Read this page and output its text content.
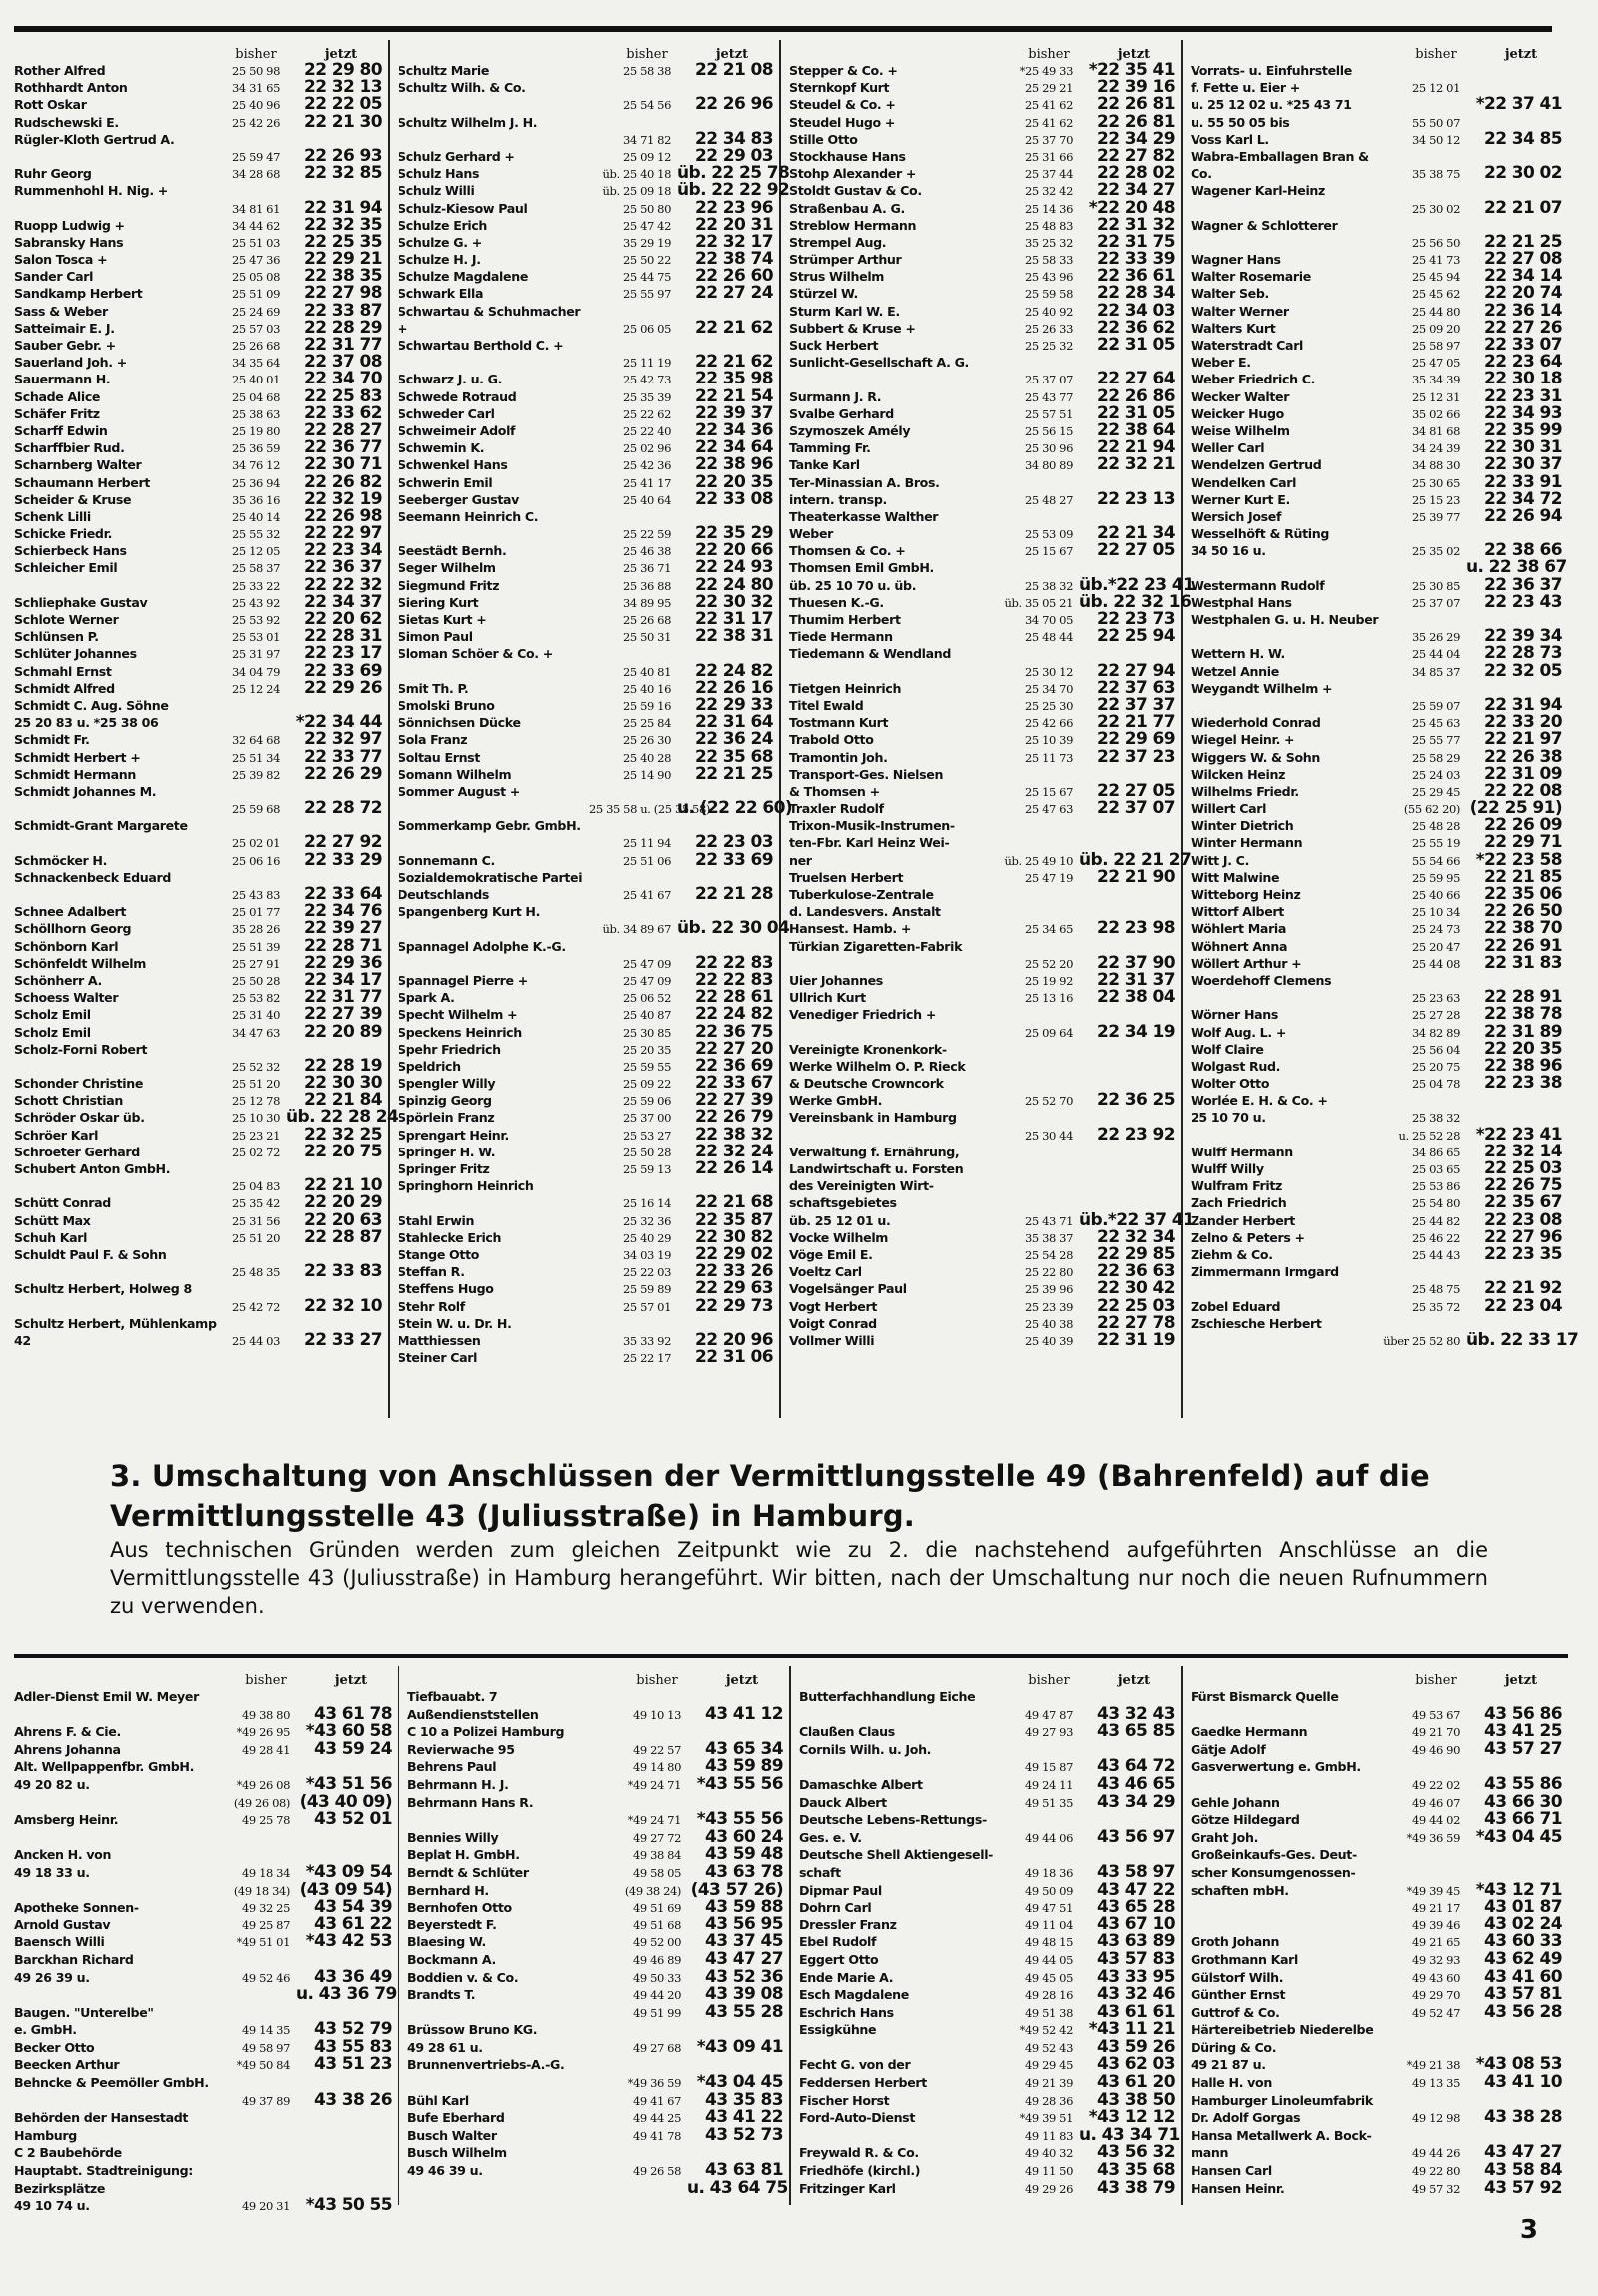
bisher	jetzt
Rother Alfred	25 50 98	22 29 80
Rothhardt Anton	34 31 65	22 32 13
Rott Oskar	25 40 96	22 22 05
Rudschewski E.	25 42 26	22 21 30
Rügler-Kloth Gertrud A.
25 59 47	22 26 93
Ruhr Georg	34 28 68	22 32 85
Rummenhohl H. Nig. +
34 81 61	22 31 94
Ruopp Ludwig +	34 44 62	22 32 35
Sabransky Hans	25 51 03	22 25 35
Salon Tosca +	25 47 36	22 29 21
Sander Carl	25 05 08	22 38 35
Sandkamp Herbert	25 51 09	22 27 98
Sass & Weber	25 24 69	22 33 87
Satteimair E. J.	25 57 03	22 28 29
Sauber Gebr. +	25 26 68	22 31 77
Sauerland Joh. +	34 35 64	22 37 08
Sauermann H.	25 40 01	22 34 70
Schade Alice	25 04 68	22 25 83
Schäfer Fritz	25 38 63	22 33 62
Scharff Edwin	25 19 80	22 28 27
Scharffbier Rud.	25 36 59	22 36 77
Scharnberg Walter	34 76 12	22 30 71
Schaumann Herbert	25 36 94	22 26 82
Scheider & Kruse	35 36 16	22 32 19
Schenk Lilli	25 40 14	22 26 98
Schicke Friedr.	25 55 32	22 22 97
Schierbeck Hans	25 12 05	22 23 34
Schleicher Emil	25 58 37	22 36 37
25 33 22	22 22 32
Schliephake Gustav	25 43 92	22 34 37
Schlote Werner	25 53 92	22 20 62
Schlünsen P.	25 53 01	22 28 31
Schlüter Johannes	25 31 97	22 23 17
Schmahl Ernst	34 04 79	22 33 69
Schmidt Alfred	25 12 24	22 29 26
Schmidt C. Aug. Söhne
25 20 83 u. *25 38 06	*22 34 44
Schmidt Fr.	32 64 68	22 32 97
Schmidt Herbert +	25 51 34	22 33 77
Schmidt Hermann	25 39 82	22 26 29
Schmidt Johannes M.
25 59 68	22 28 72
Schmidt-Grant Margarete
25 02 01	22 27 92
Schmöcker H.	25 06 16	22 33 29
Schnackenbeck Eduard
25 43 83	22 33 64
Schnee Adalbert	25 01 77	22 34 76
Schöllhorn Georg	35 28 26	22 39 27
Schönborn Karl	25 51 39	22 28 71
Schönfeldt Wilhelm	25 27 91	22 29 36
Schönherr A.	25 50 28	22 34 17
Schoess Walter	25 53 82	22 31 77
Scholz Emil	25 31 40	22 27 39
Scholz Emil	34 47 63	22 20 89
Scholz-Forni Robert
25 52 32	22 28 19
Schonder Christine	25 51 20	22 30 30
Schott Christian	25 12 78	22 21 84
Schröder Oskar üb.	25 10 30 üb. 22 28 24
Schröer Karl	25 23 21	22 32 25
Schroeter Gerhard	25 02 72	22 20 75
Schubert Anton GmbH.
25 04 83	22 21 10
Schütt Conrad	25 35 42	22 20 29
Schütt Max	25 31 56	22 20 63
Schuh Karl	25 51 20	22 28 87
Schuldt Paul F. & Sohn
25 48 35	22 33 83
Schultz Herbert, Holweg 8
25 42 72	22 32 10
Schultz Herbert, Mühlenkamp
42	25 44 03	22 33 27
bisher	jetzt
Schultz Marie	25 58 38	22 21 08
Schultz Wilh. & Co.
25 54 56	22 26 96
Schultz Wilhelm J. H.
34 71 82	22 34 83
Schulz Gerhard +	25 09 12	22 29 03
Schulz Hans	üb. 25 40 18 üb. 22 25 78
Schulz Willi	üb. 25 09 18 üb. 22 22 92
Schulz-Kiesow Paul	25 50 80	22 23 96
Schulze Erich	25 47 42	22 20 31
Schulze G. +	35 29 19	22 32 17
Schulze H. J.	25 50 22	22 38 74
Schulze Magdalene	25 44 75	22 26 60
Schwark Ella	25 55 97	22 27 24
Schwartau & Schuhmacher
+	25 06 05	22 21 62
Schwartau Berthold C. +
25 11 19	22 21 62
Schwarz J. u. G.	25 42 73	22 35 98
Schwede Rotraud	25 35 39	22 21 54
Schweder Carl	25 22 62	22 39 37
Schweimeir Adolf	25 22 40	22 34 36
Schwemin K.	25 02 96	22 34 64
Schwenkel Hans	25 42 36	22 38 96
Schwerin Emil	25 41 17	22 20 35
Seeberger Gustav	25 40 64	22 33 08
Seemann Heinrich C.
25 22 59	22 35 29
Seestädt Bernh.	25 46 38	22 20 66
Seger Wilhelm	25 36 71	22 24 93
Siegmund Fritz	25 36 88	22 24 80
Siering Kurt	34 89 95	22 30 32
Sietas Kurt +	25 26 68	22 31 17
Simon Paul	25 50 31	22 38 31
Sloman Schöer & Co. +
25 40 81	22 24 82
Smit Th. P.	25 40 16	22 26 16
Smolski Bruno	25 59 16	22 29 33
Sönnichsen Dücke	25 25 84	22 31 64
Sola Franz	25 26 30	22 36 24
Soltau Ernst	25 40 28	22 35 68
Somann Wilhelm	25 14 90	22 21 25
Sommer August +
25 35 58 u. (25 35 58)
u. (22 22 60)
Sommerkamp Gebr. GmbH.
25 11 94	22 23 03
Sonnemann C.	25 51 06	22 33 69
Sozialdemokratische Partei
Deutschlands	25 41 67	22 21 28
Spangenberg Kurt H.
üb. 34 89 67 üb. 22 30 04
Spannagel Adolphe K.-G.
25 47 09	22 22 83
Spannagel Pierre +	25 47 09	22 22 83
Spark A.	25 06 52	22 28 61
Specht Wilhelm +	25 40 87	22 24 82
Speckens Heinrich	25 30 85	22 36 75
Spehr Friedrich	25 20 35	22 27 20
Speldrich	25 59 55	22 36 69
Spengler Willy	25 09 22	22 33 67
Spinzig Georg	25 59 06	22 27 39
Spörlein Franz	25 37 00	22 26 79
Sprengart Heinr.	25 53 27	22 38 32
Springer H. W.	25 50 28	22 32 24
Springer Fritz	25 59 13	22 26 14
Springhorn Heinrich
25 16 14	22 21 68
Stahl Erwin	25 32 36	22 35 87
Stahlecke Erich	25 40 29	22 30 82
Stange Otto	34 03 19	22 29 02
Steffan R.	25 22 03	22 33 26
Steffens Hugo	25 59 89	22 29 63
Stehr Rolf	25 57 01	22 29 73
Stein W. u. Dr. H.
Matthiessen	35 33 92	22 20 96
Steiner Carl	25 22 17	22 31 06
bisher	jetzt
Stepper & Co. +	*25 49 33 *22 35 41
Sternkopf Kurt	25 29 21	22 39 16
Steudel & Co. +	25 41 62	22 26 81
Steudel Hugo +	25 41 62	22 26 81
Stille Otto	25 37 70	22 34 29
Stockhause Hans	25 31 66	22 27 82
Stohp Alexander +	25 37 44	22 28 02
Stoldt Gustav & Co.	25 32 42	22 34 27
Straßenbau A. G.	25 14 36 *22 20 48
Streblow Hermann	25 48 83	22 31 32
Strempel Aug.	35 25 32	22 31 75
Strümper Arthur	25 58 33	22 33 39
Strus Wilhelm	25 43 96	22 36 61
Stürzel W.	25 59 58	22 28 34
Sturm Karl W. E.	25 40 92	22 34 03
Subbert & Kruse +	25 26 33	22 36 62
Suck Herbert	25 25 32	22 31 05
Sunlicht-Gesellschaft A. G.
25 37 07	22 27 64
Surmann J. R.	25 43 77	22 26 86
Svalbe Gerhard	25 57 51	22 31 05
Szymoszek Amély	25 56 15	22 38 64
Tamming Fr.	25 30 96	22 21 94
Tanke Karl	34 80 89	22 32 21
Ter-Minassian A. Bros.
intern. transp.	25 48 27	22 23 13
Theaterkasse Walther
Weber	25 53 09	22 21 34
Thomsen & Co. +	25 15 67	22 27 05
Thomsen Emil GmbH.
üb. 25 10 70 u. üb.	25 38 32 üb.*22 23 41
Thuesen K.-G.	üb. 35 05 21 üb. 22 32 16
Thumim Herbert	34 70 05	22 23 73
Tiede Hermann	25 48 44	22 25 94
Tiedemann & Wendland
25 30 12	22 27 94
Tietgen Heinrich	25 34 70	22 37 63
Titel Ewald	25 25 30	22 37 37
Tostmann Kurt	25 42 66	22 21 77
Trabold Otto	25 10 39	22 29 69
Tramontin Joh.	25 11 73	22 37 23
Transport-Ges. Nielsen
& Thomsen +	25 15 67	22 27 05
Traxler Rudolf	25 47 63	22 37 07
Trixon-Musik-Instrumen-
ten-Fbr. Karl Heinz Wei-
ner	üb. 25 49 10 üb. 22 21 27
Truelsen Herbert	25 47 19	22 21 90
Tuberkulose-Zentrale
d. Landesvers. Anstalt
Hansest. Hamb. +	25 34 65	22 23 98
Türkian Zigaretten-Fabrik
25 52 20	22 37 90
Uier Johannes	25 19 92	22 31 37
Ullrich Kurt	25 13 16	22 38 04
Venediger Friedrich +
25 09 64	22 34 19
Vereinigte Kronenkork-
Werke Wilhelm O. P. Rieck
& Deutsche Crowncork
Werke GmbH.	25 52 70	22 36 25
Vereinsbank in Hamburg
25 30 44	22 23 92
Verwaltung f. Ernährung,
Landwirtschaft u. Forsten
des Vereinigten Wirt-
schaftsgebietes
üb. 25 12 01 u.	25 43 71 üb.*22 37 41
Vocke Wilhelm	35 38 37	22 32 34
Vöge Emil E.	25 54 28	22 29 85
Voeltz Carl	25 22 80	22 36 63
Vogelsänger Paul	25 39 96	22 30 42
Vogt Herbert	25 23 39	22 25 03
Voigt Conrad	25 40 38	22 27 78
Vollmer Willi	25 40 39	22 31 19
bisher	jetzt
Vorrats- u. Einfuhrstelle
f. Fette u. Eier +	25 12 01
u. 25 12 02 u. *25 43 71	*22 37 41
u. 55 50 05 bis	55 50 07
Voss Karl L.	34 50 12	22 34 85
Wabra-Emballagen Bran &
Co.	35 38 75	22 30 02
Wagener Karl-Heinz
25 30 02	22 21 07
Wagner & Schlotterer
25 56 50	22 21 25
Wagner Hans	25 41 73	22 27 08
Walter Rosemarie	25 45 94	22 34 14
Walter Seb.	25 45 62	22 20 74
Walter Werner	25 44 80	22 36 14
Walters Kurt	25 09 20	22 27 26
Waterstradt Carl	25 58 97	22 33 07
Weber E.	25 47 05	22 23 64
Weber Friedrich C.	35 34 39	22 30 18
Wecker Walter	25 12 31	22 23 31
Weicker Hugo	35 02 66	22 34 93
Weise Wilhelm	34 81 68	22 35 99
Weller Carl	34 24 39	22 30 31
Wendelzen Gertrud	34 88 30	22 30 37
Wendelken Carl	25 30 65	22 33 91
Werner Kurt E.	25 15 23	22 34 72
Wersich Josef	25 39 77	22 26 94
Wesselhöft & Rüting
34 50 16 u.	25 35 02	22 38 66
u. 22 38 67
Westermann Rudolf	25 30 85	22 36 37
Westphal Hans	25 37 07	22 23 43
Westphalen G. u. H. Neuber
35 26 29	22 39 34
Wettern H. W.	25 44 04	22 28 73
Wetzel Annie	34 85 37	22 32 05
Weygandt Wilhelm +
25 59 07	22 31 94
Wiederhold Conrad	25 45 63	22 33 20
Wiegel Heinr. +	25 55 77	22 21 97
Wiggers W. & Sohn	25 58 29	22 26 38
Wilcken Heinz	25 24 03	22 31 09
Wilhelms Friedr.	25 29 45	22 22 08
Willert Carl	(55 62 20) (22 25 91)
Winter Dietrich	25 48 28	22 26 09
Winter Hermann	25 55 19	22 29 71
Witt J. C.	55 54 66 *22 23 58
Witt Malwine	25 59 95	22 21 85
Witteborg Heinz	25 40 66	22 35 06
Wittorf Albert	25 10 34	22 26 50
Wöhlert Maria	25 24 73	22 38 70
Wöhnert Anna	25 20 47	22 26 91
Wöllert Arthur +	25 44 08	22 31 83
Woerdehoff Clemens
25 23 63	22 28 91
Wörner Hans	25 27 28	22 38 78
Wolf Aug. L. +	34 82 89	22 31 89
Wolf Claire	25 56 04	22 20 35
Wolgast Rud.	25 20 75	22 38 96
Wolter Otto	25 04 78	22 23 38
Worlée E. H. & Co. +
25 10 70 u.	25 38 32
u. 25 52 28 *22 23 41
Wulff Hermann	34 86 65	22 32 14
Wulff Willy	25 03 65	22 25 03
Wulfram Fritz	25 53 86	22 26 75
Zach Friedrich	25 54 80	22 35 67
Zander Herbert	25 44 82	22 23 08
Zelno & Peters +	25 46 22	22 27 96
Ziehm & Co.	25 44 43	22 23 35
Zimmermann Irmgard
25 48 75	22 21 92
Zobel Eduard	25 35 72	22 23 04
Zschiesche Herbert
über 25 52 80 üb. 22 33 17
3. Umschaltung von Anschlüssen der Vermittlungsstelle 49 (Bahrenfeld) auf die Vermittlungsstelle 43 (Juliusstraße) in Hamburg.
Aus technischen Gründen werden zum gleichen Zeitpunkt wie zu 2. die nachstehend aufgeführten Anschlüsse an die Vermittlungsstelle 43 (Juliusstraße) in Hamburg herangeführt. Wir bitten, nach der Umschaltung nur noch die neuen Rufnummern zu verwenden.
bisher	jetzt
Adler-Dienst Emil W. Meyer
49 38 80	43 61 78
Ahrens F. & Cie.	*49 26 95 *43 60 58
Ahrens Johanna	49 28 41	43 59 24
Alt. Wellpappenfbr. GmbH.
49 20 82 u.	*49 26 08 *43 51 56
(49 26 08) (43 40 09)
Amsberg Heinr.	49 25 78	43 52 01
Ancken H. von
49 18 33 u.	49 18 34 *43 09 54
(49 18 34) (43 09 54)
Apotheke Sonnen-	49 32 25	43 54 39
Arnold Gustav	49 25 87	43 61 22
Baensch Willi	*49 51 01 *43 42 53
Barckhan Richard
49 26 39 u.	49 52 46	43 36 49
u. 43 36 79
Baugen. "Unterelbe"
e. GmbH.	49 14 35	43 52 79
Becker Otto	49 58 97	43 55 83
Beecken Arthur	*49 50 84	43 51 23
Behncke & Peemöller GmbH.
49 37 89	43 38 26
Behörden der Hansestadt
Hamburg
C 2 Baubehörde
Hauptabt. Stadtreinigung:
Bezirksplätze
49 10 74 u.	49 20 31 *43 50 55
bisher	jetzt
Tiefbauabt. 7
Außendienststellen	49 10 13	43 41 12
C 10 a Polizei Hamburg
Revierwache 95	49 22 57	43 65 34
Behrens Paul	49 14 80	43 59 89
Behrmann H. J.	*49 24 71 *43 55 56
Behrmann Hans R.
*49 24 71 *43 55 56
Bennies Willy	49 27 72	43 60 24
Beplat H. GmbH.	49 38 84	43 59 48
Berndt & Schlüter	49 58 05	43 63 78
Bernhard H.	(49 38 24) (43 57 26)
Bernhofen Otto	49 51 69	43 59 88
Beyerstedt F.	49 51 68	43 56 95
Blaesing W.	49 52 00	43 37 45
Bockmann A.	49 46 89	43 47 27
Boddien v. & Co.	49 50 33	43 52 36
Brandts T.	49 44 20	43 39 08
49 51 99	43 55 28
Brüssow Bruno KG.
49 28 61 u.	49 27 68 *43 09 41
Brunnenvertriebs-A.-G.
*49 36 59 *43 04 45
Bühl Karl	49 41 67	43 35 83
Bufe Eberhard	49 44 25	43 41 22
Busch Walter	49 41 78	43 52 73
Busch Wilhelm
49 46 39 u.	49 26 58	43 63 81
u. 43 64 75
bisher	jetzt
Butterfachhandlung Eiche
49 47 87	43 32 43
Claußen Claus	49 27 93	43 65 85
Cornils Wilh. u. Joh.
49 15 87	43 64 72
Damaschke Albert	49 24 11	43 46 65
Dauck Albert	49 51 35	43 34 29
Deutsche Lebens-Rettungs-
Ges. e. V.	49 44 06	43 56 97
Deutsche Shell Aktiengesell-
schaft	49 18 36	43 58 97
Dipmar Paul	49 50 09	43 47 22
Dohrn Carl	49 47 51	43 65 28
Dressler Franz	49 11 04	43 67 10
Ebel Rudolf	49 48 15	43 63 89
Eggert Otto	49 44 05	43 57 83
Ende Marie A.	49 45 05	43 33 95
Esch Magdalene	49 28 16	43 32 46
Eschrich Hans	49 51 38	43 61 61
Essigkühne	*49 52 42 *43 11 21
49 52 43	43 59 26
Fecht G. von der	49 29 45	43 62 03
Feddersen Herbert	49 21 39	43 61 20
Fischer Horst	49 28 36	43 38 50
Ford-Auto-Dienst	*49 39 51 *43 12 12
49 11 83 u. 43 34 71
Freywald R. & Co.	49 40 32	43 56 32
Friedhöfe (kirchl.)	49 11 50	43 35 68
Fritzinger Karl	49 29 26	43 38 79
bisher	jetzt
Fürst Bismarck Quelle
49 53 67	43 56 86
Gaedke Hermann	49 21 70	43 41 25
Gätje Adolf	49 46 90	43 57 27
Gasverwertung e. GmbH.
49 22 02	43 55 86
Gehle Johann	49 46 07	43 66 30
Götze Hildegard	49 44 02	43 66 71
Graht Joh.	*49 36 59 *43 04 45
Großeinkaufs-Ges. Deut-
scher Konsumgenossen-
schaften mbH.	*49 39 45 *43 12 71
49 21 17	43 01 87
49 39 46	43 02 24
Groth Johann	49 21 65	43 60 33
Grothmann Karl	49 32 93	43 62 49
Gülstorf Wilh.	49 43 60	43 41 60
Günther Ernst	49 29 70	43 57 81
Guttrof & Co.	49 52 47	43 56 28
Härtereibetrieb Niederelbe
Düring & Co.
49 21 87 u.	*49 21 38 *43 08 53
Halle H. von	49 13 35	43 41 10
Hamburger Linoleumfabrik
Dr. Adolf Gorgas	49 12 98	43 38 28
Hansa Metallwerk A. Bock-
mann	49 44 26	43 47 27
Hansen Carl	49 22 80	43 58 84
Hansen Heinr.	49 57 32	43 57 92
3
